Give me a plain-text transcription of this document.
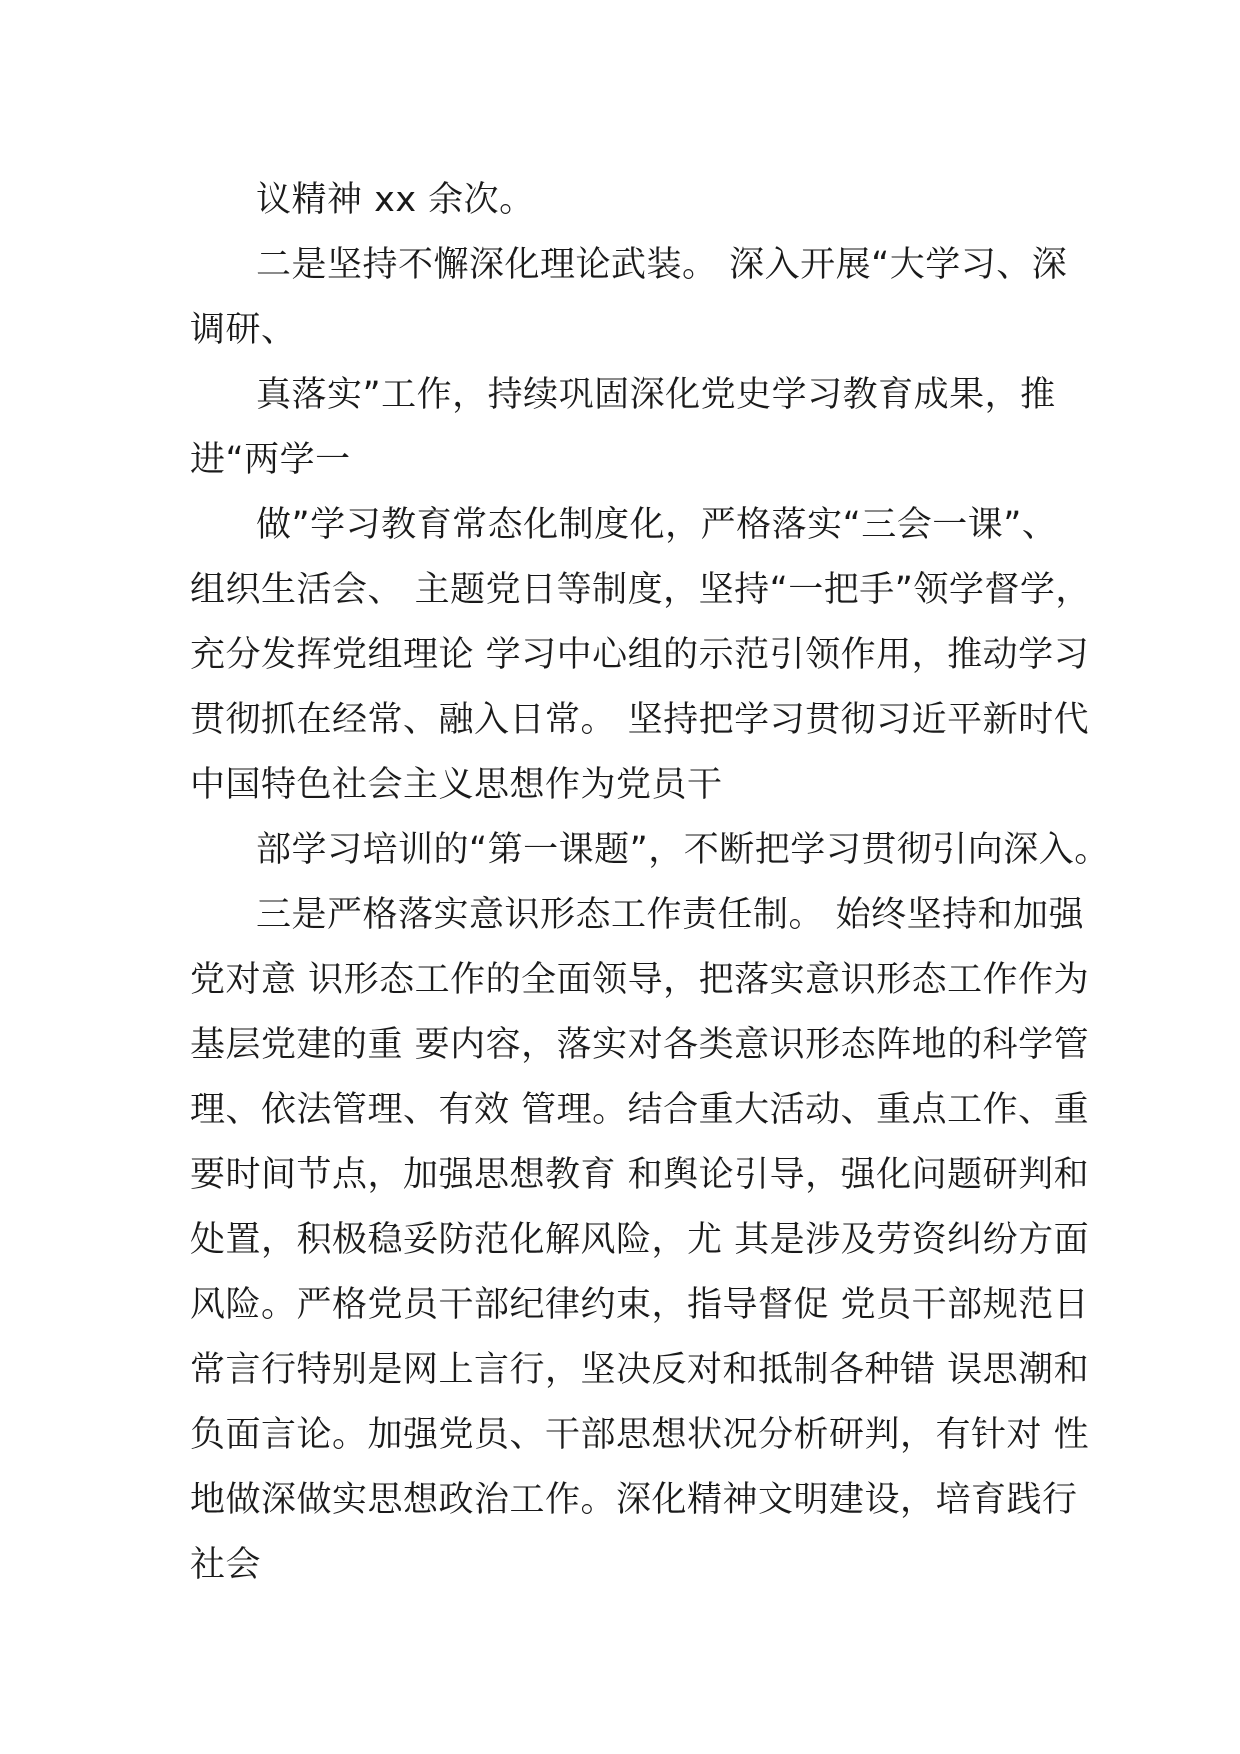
议精神 xx 余次。
二是坚持不懈深化理论武装。 深入开展“大学习、深
调研、
真落实”工作，持续巩固深化党史学习教育成果，推
进“两学一
做”学习教育常态化制度化，严格落实“三会一课”、
组织生活会、 主题党日等制度，坚持“一把手”领学督学，
充分发挥党组理论 学习中心组的示范引领作用，推动学习
贯彻抓在经常、融入日常。 坚持把学习贯彻习近平新时代
中国特色社会主义思想作为党员干
部学习培训的“第一课题”，不断把学习贯彻引向深入。
三是严格落实意识形态工作责任制。 始终坚持和加强
党对意 识形态工作的全面领导，把落实意识形态工作作为
基层党建的重 要内容，落实对各类意识形态阵地的科学管
理、依法管理、有效 管理。结合重大活动、重点工作、重
要时间节点，加强思想教育 和舆论引导，强化问题研判和
处置，积极稳妥防范化解风险，尤 其是涉及劳资纠纷方面
风险。严格党员干部纪律约束，指导督促 党员干部规范日
常言行特别是网上言行，坚决反对和抵制各种错 误思潮和
负面言论。加强党员、干部思想状况分析研判，有针对 性
地做深做实思想政治工作。深化精神文明建设，培育践行
社会
